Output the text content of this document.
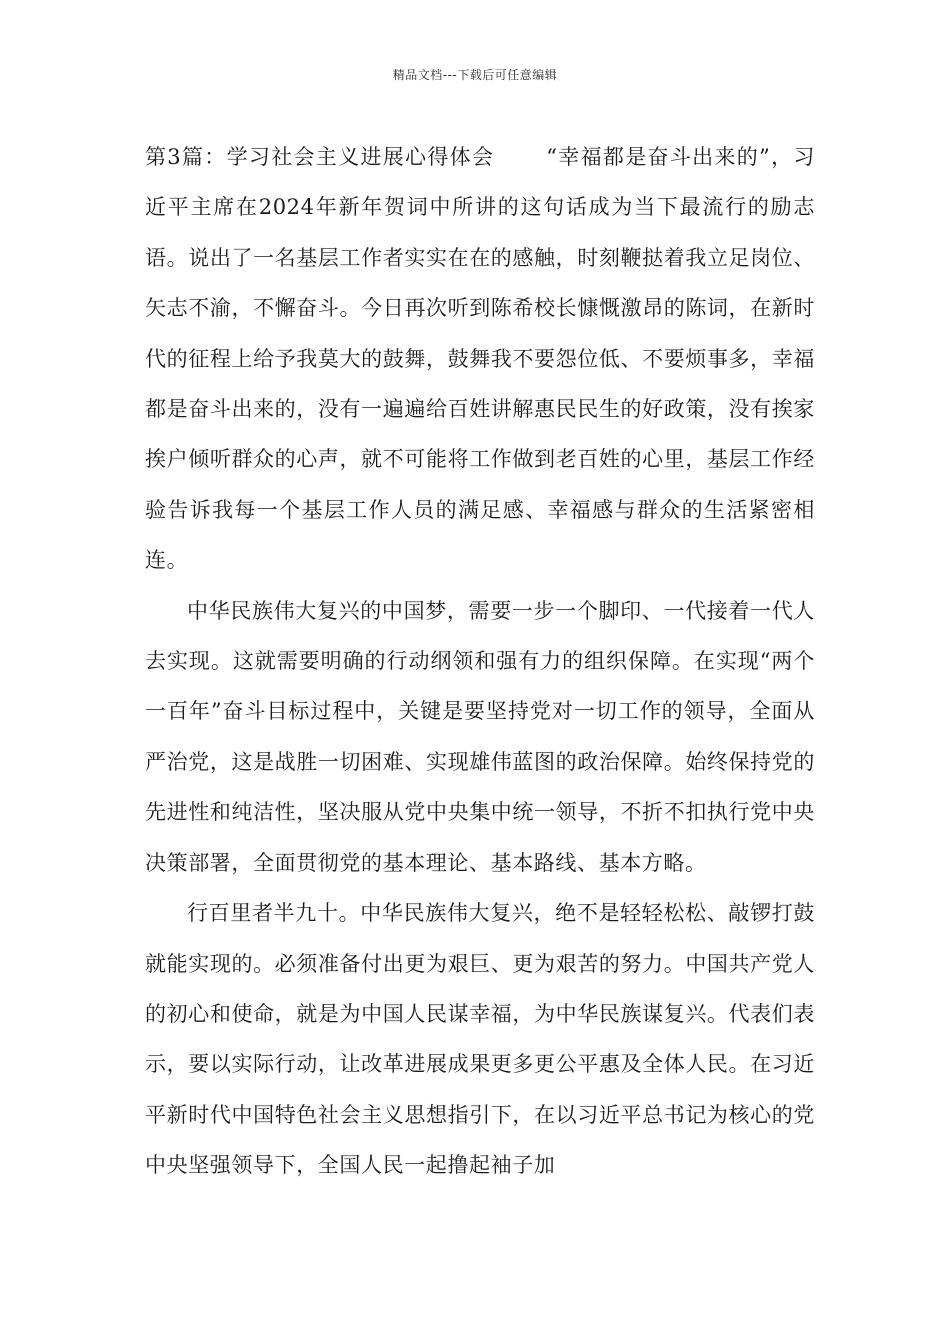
精品文档---下载后可任意编辑

第3篇：学习社会主义进展心得体会 “幸福都是奋斗出来的”，习近平主席在2024年新年贺词中所讲的这句话成为当下最流行的励志语。说出了一名基层工作者实实在在的感触，时刻鞭挞着我立足岗位、矢志不渝，不懈奋斗。今日再次听到陈希校长慷慨激昂的陈词，在新时代的征程上给予我莫大的鼓舞，鼓舞我不要怨位低、不要烦事多，幸福都是奋斗出来的，没有一遍遍给百姓讲解惠民民生的好政策，没有挨家挨户倾听群众的心声，就不可能将工作做到老百姓的心里，基层工作经验告诉我每一个基层工作人员的满足感、幸福感与群众的生活紧密相连。

中华民族伟大复兴的中国梦，需要一步一个脚印、一代接着一代人去实现。这就需要明确的行动纲领和强有力的组织保障。在实现“两个一百年”奋斗目标过程中，关键是要坚持党对一切工作的领导，全面从严治党，这是战胜一切困难、实现雄伟蓝图的政治保障。始终保持党的先进性和纯洁性，坚决服从党中央集中统一领导，不折不扣执行党中央决策部署，全面贯彻党的基本理论、基本路线、基本方略。

行百里者半九十。中华民族伟大复兴，绝不是轻轻松松、敲锣打鼓就能实现的。必须准备付出更为艰巨、更为艰苦的努力。中国共产党人的初心和使命，就是为中国人民谋幸福，为中华民族谋复兴。代表们表示，要以实际行动，让改革进展成果更多更公平惠及全体人民。在习近平新时代中国特色社会主义思想指引下，在以习近平总书记为核心的党中央坚强领导下，全国人民一起撸起袖子加
